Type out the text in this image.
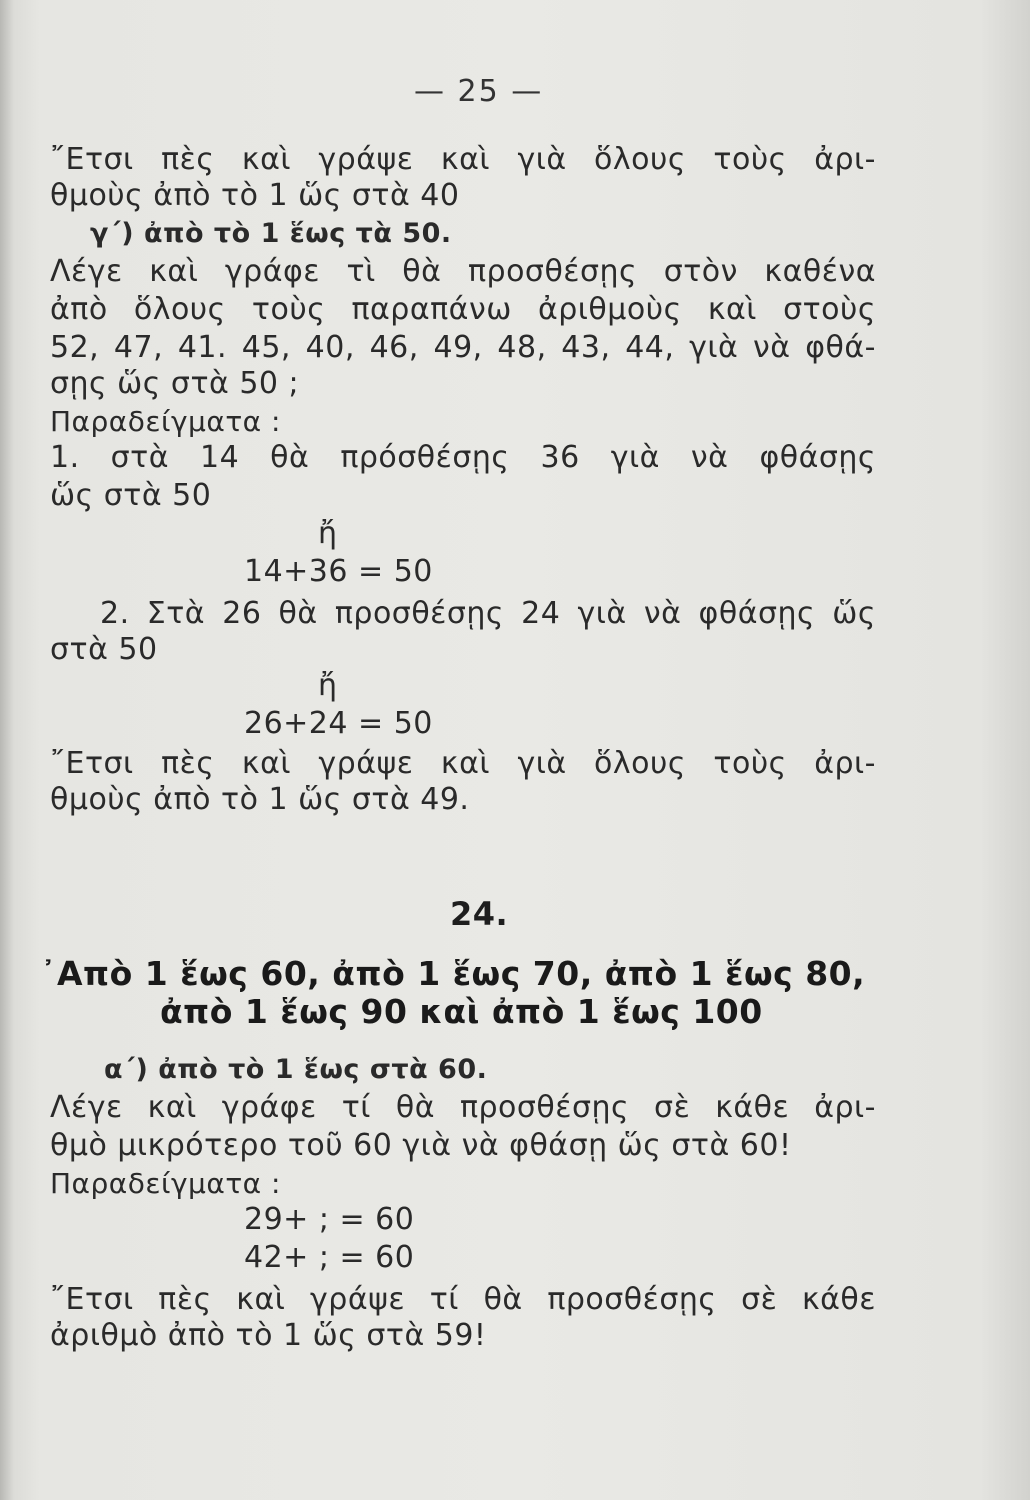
— 25 —
῎Ετσι πὲς καὶ γράψε καὶ γιὰ ὅλους τοὺς ἀρι-
θμοὺς ἀπὸ τὸ 1 ὥς στὰ 40
γ΄) ἀπὸ τὸ 1 ἕως τὰ 50.
Λέγε καὶ γράφε τὶ θὰ προσθέσῃς στὸν καθένα
ἀπὸ ὅλους τοὺς παραπάνω ἀριθμοὺς καὶ στοὺς
52, 47, 41. 45, 40, 46, 49, 48, 43, 44, γιὰ νὰ φθά-
σῃς ὥς στὰ 50 ;
Παραδείγματα :
1. στὰ 14 θὰ πρόσθέσῃς 36 γιὰ νὰ φθάσῃς
ὥς στὰ 50
ἤ
14+36 = 50
2. Στὰ 26 θὰ προσθέσῃς 24 γιὰ νὰ φθάσῃς ὥς
στὰ 50
ἤ
26+24 = 50
῎Ετσι πὲς καὶ γράψε καὶ γιὰ ὅλους τοὺς ἀρι-
θμοὺς ἀπὸ τὸ 1 ὥς στὰ 49.
24.
᾿Απὸ 1 ἕως 60, ἀπὸ 1 ἕως 70, ἀπὸ 1 ἕως 80,
ἀπὸ 1 ἕως 90 καὶ ἀπὸ 1 ἕως 100
α΄) ἀπὸ τὸ 1 ἕως στὰ 60.
Λέγε καὶ γράφε τί θὰ προσθέσῃς σὲ κάθε ἀρι-
θμὸ μικρότερο τοῦ 60 γιὰ νὰ φθάσῃ ὥς στὰ 60!
Παραδείγματα :
29+ ; = 60
42+ ; = 60
῎Ετσι πὲς καὶ γράψε τί θὰ προσθέσῃς σὲ κάθε
ἀριθμὸ ἀπὸ τὸ 1 ὥς στὰ 59!
